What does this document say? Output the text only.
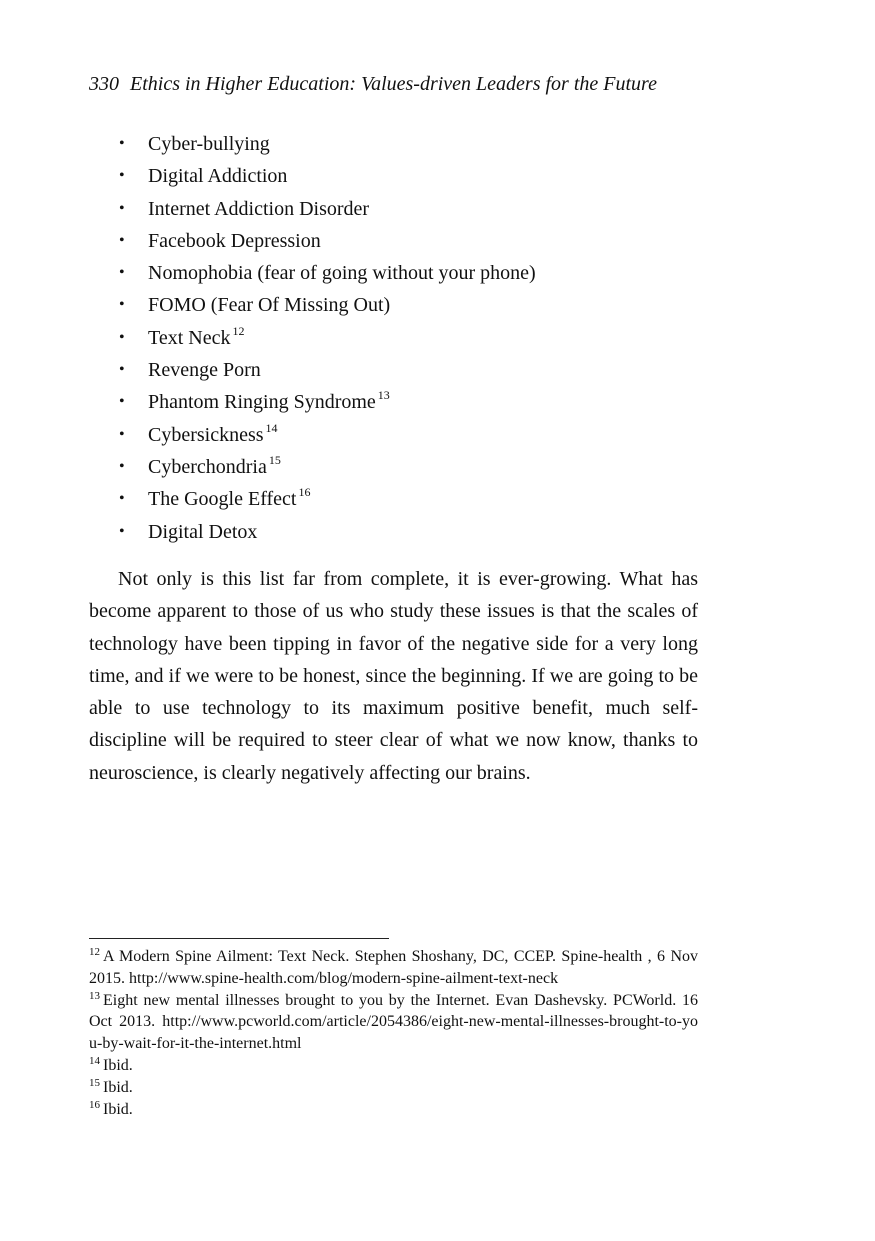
330 Ethics in Higher Education: Values-driven Leaders for the Future
• Cyber-bullying
• Digital Addiction
• Internet Addiction Disorder
• Facebook Depression
• Nomophobia (fear of going without your phone)
• FOMO (Fear Of Missing Out)
• Text Neck $^{12}$
• Revenge Porn
• Phantom Ringing Syndrome $^{13}$
• Cybersickness $^{14}$
• Cyberchondria $^{15}$
• The Google Effect $^{16}$
• Digital Detox

Not only is this list far from complete, it is ever-growing. What has become apparent to those of us who study these issues is that the scales of technology have been tipping in favor of the negative side for a very long time, and if we were to be honest, since the beginning. If we are going to be able to use technology to its maximum positive benefit, much self-discipline will be required to steer clear of what we now know, thanks to neuroscience, is clearly negatively affecting our brains.

$^{12}$ A Modern Spine Ailment: Text Neck. Stephen Shoshany, DC, CCEP. Spine-health , 6 Nov 2015. http://www.spine-health.com/blog/modern-spine-ailment-text-neck

$^{13}$ Eight new mental illnesses brought to you by the Internet. Evan Dashevsky. PCWorld. 16 Oct 2013. http://www.pcworld.com/article/2054386/eight-new-mental-illnesses-brought-to-you-by-wait-for-it-the-internet.html

$^{14}$ Ibid.

$^{15}$ Ibid.

$^{16}$ Ibid.
